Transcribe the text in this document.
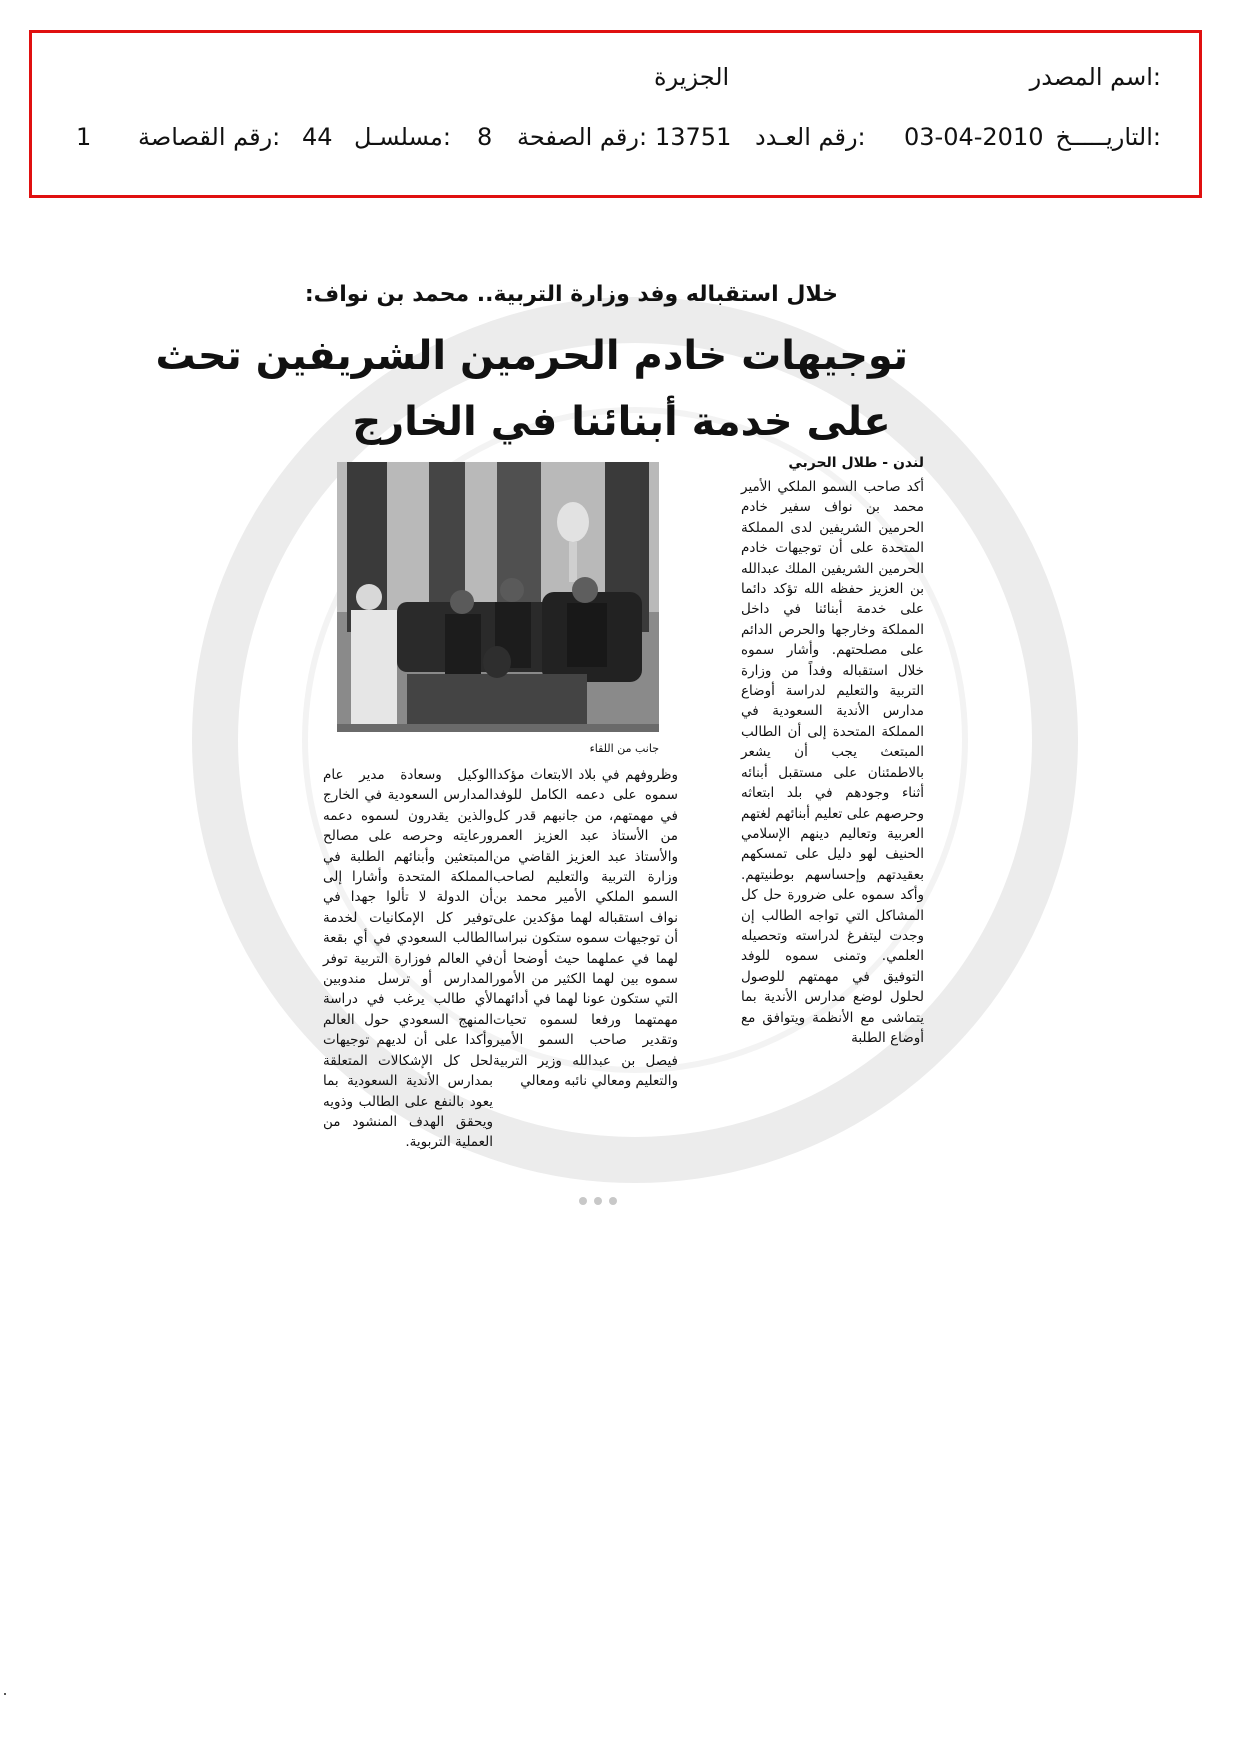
اسم المصدر:
الجزيرة
التاريـــــخ:
03-04-2010
رقم العـدد:
13751
رقم الصفحة:
8
مسلسـل:
44
رقم القصاصة:
1
خلال استقباله وفد وزارة التربية.. محمد بن نواف:
توجيهات خادم الحرمين الشريفين تحث
على خدمة أبنائنا في الخارج
لندن - طلال الحربي
أكد صاحب السمو الملكي الأمير محمد بن نواف سفير خادم الحرمين الشريفين لدى المملكة المتحدة على أن توجيهات خادم الحرمين الشريفين الملك عبدالله بن العزيز حفظه الله تؤكد دائما على خدمة أبنائنا في داخل المملكة وخارجها والحرص الدائم على مصلحتهم. وأشار سموه خلال استقباله وفداً من وزارة التربية والتعليم لدراسة أوضاع مدارس الأندية السعودية في المملكة المتحدة إلى أن الطالب المبتعث يجب أن يشعر بالاطمئنان على مستقبل أبنائه أثناء وجودهم في بلد ابتعاثه وحرصهم على تعليم أبنائهم لغتهم العربية وتعاليم دينهم الإسلامي الحنيف لهو دليل على تمسكهم بعقيدتهم وإحساسهم بوطنيتهم. وأكد سموه على ضرورة حل كل المشاكل التي تواجه الطالب إن وجدت ليتفرغ لدراسته وتحصيله العلمي. وتمنى سموه للوفد التوفيق في مهمتهم للوصول لحلول لوضع مدارس الأندية بما يتماشى مع الأنظمة ويتوافق مع أوضاع الطلبة
جانب من اللقاء
وظروفهم في بلاد الابتعاث مؤكدا سموه على دعمه الكامل للوفد في مهمتهم، من جانبهم قدر كل من الأستاذ عبد العزيز العمر والأستاذ عبد العزيز القاضي من وزارة التربية والتعليم لصاحب السمو الملكي الأمير محمد بن نواف استقباله لهما مؤكدين على أن توجيهات سموه ستكون نبراسا لهما في عملهما حيث أوضحا أن سموه بين لهما الكثير من الأمور التي ستكون عونا لهما في أدائهما مهمتهما ورفعا لسموه تحيات وتقدير صاحب السمو الأمير فيصل بن عبدالله وزير التربية والتعليم ومعالي نائبه ومعالي
الوكيل وسعادة مدير عام المدارس السعودية في الخارج والذين يقدرون لسموه دعمه ورعايته وحرصه على مصالح المبتعثين وأبنائهم الطلبة في المملكة المتحدة وأشارا إلى أن الدولة لا تألوا جهدا في توفير كل الإمكانيات لخدمة الطالب السعودي في أي بقعة في العالم فوزارة التربية توفر المدارس أو ترسل مندوبين لأي طالب يرغب في دراسة المنهج السعودي حول العالم وأكدا على أن لديهم توجيهات لحل كل الإشكالات المتعلقة بمدارس الأندية السعودية بما يعود بالنفع على الطالب وذويه ويحقق الهدف المنشود من العملية التربوية.
